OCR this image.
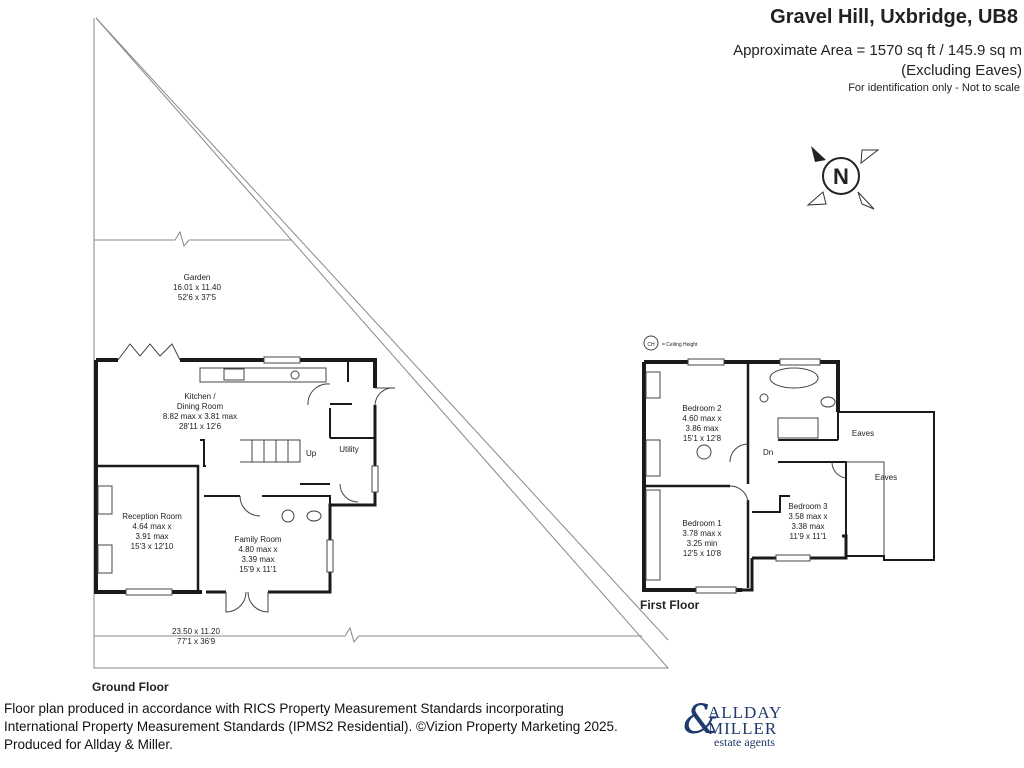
Gravel Hill, Uxbridge, UB8
Approximate Area = 1570 sq ft / 145.9 sq m
(Excluding Eaves)
For identification only - Not to scale
N
Garden
16.01 x 11.40
52'6 x 37'5
23.50 x 11.20
77'1 x 36'9
Kitchen /
Dining Room
8.82 max x 3.81 max
28'11 x 12'6
Reception Room
4.64 max x
3.91 max
15'3 x 12'10
Family Room
4.80 max x
3.39 max
15'9 x 11'1
Utility
Up
CH = Ceiling Height
Bedroom 2
4.60 max x
3.86 max
15'1 x 12'8
Bedroom 1
3.78 max x
3.25 min
12'5 x 10'8
Bedroom 3
3.58 max x
3.38 max
11'9 x 11'1
Eaves
Eaves
Dn
Ground Floor
First Floor
Floor plan produced in accordance with RICS Property Measurement Standards incorporating
International Property Measurement Standards (IPMS2 Residential). ©Vizion Property Marketing 2025.
Produced for Allday & Miller.
&
ALLDAY
MILLER
estate agents
